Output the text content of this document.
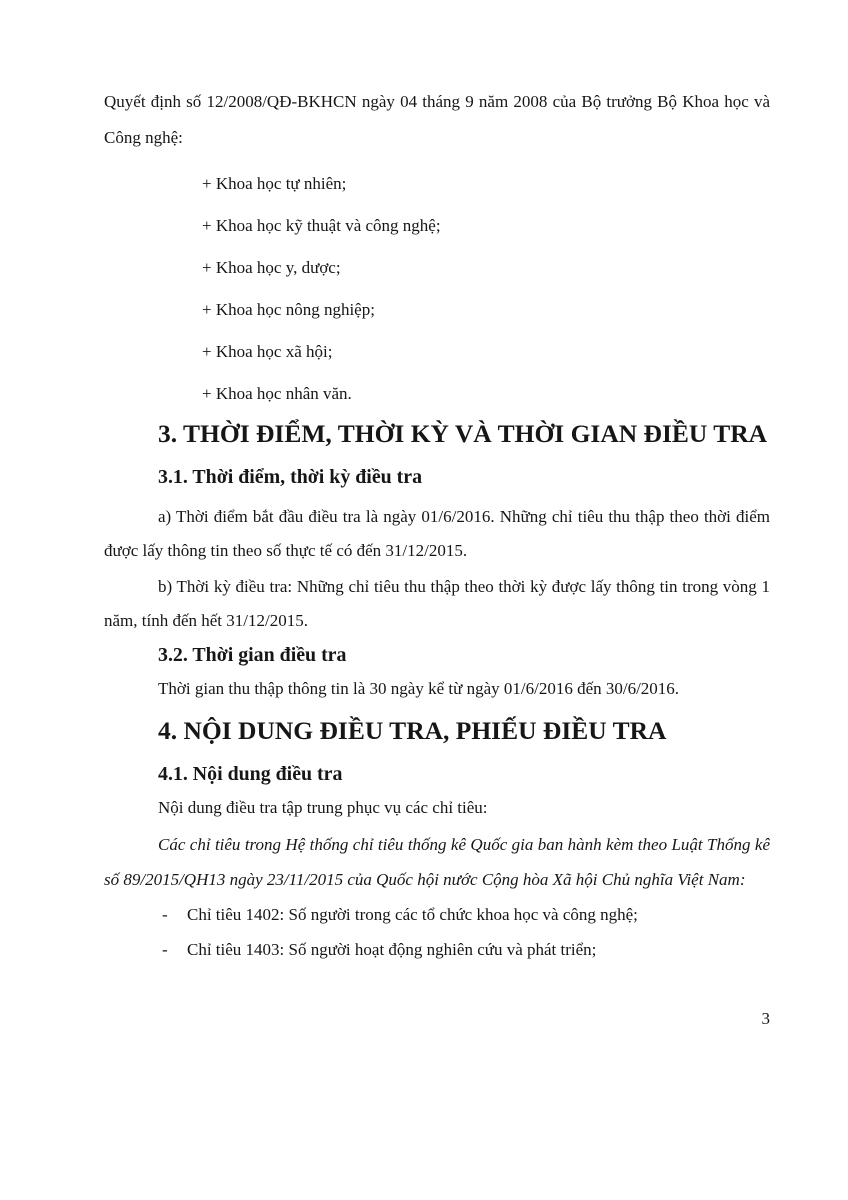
Quyết định số 12/2008/QĐ-BKHCN ngày 04 tháng 9 năm 2008 của Bộ trưởng Bộ Khoa học và Công nghệ:

+ Khoa học tự nhiên;
+ Khoa học kỹ thuật và công nghệ;
+ Khoa học y, dược;
+ Khoa học nông nghiệp;
+ Khoa học xã hội;
+ Khoa học nhân văn.
3. THỜI ĐIỂM, THỜI KỲ VÀ THỜI GIAN ĐIỀU TRA
3.1. Thời điểm, thời kỳ điều tra

a) Thời điểm bắt đầu điều tra là ngày 01/6/2016. Những chỉ tiêu thu thập theo thời điểm được lấy thông tin theo số thực tế có đến 31/12/2015.

b) Thời kỳ điều tra: Những chỉ tiêu thu thập theo thời kỳ được lấy thông tin trong vòng 1 năm, tính đến hết 31/12/2015.

3.2. Thời gian điều tra

Thời gian thu thập thông tin là 30 ngày kể từ ngày 01/6/2016 đến 30/6/2016.

4. NỘI DUNG ĐIỀU TRA, PHIẾU ĐIỀU TRA
4.1. Nội dung điều tra

Nội dung điều tra tập trung phục vụ các chỉ tiêu:

Các chỉ tiêu trong Hệ thống chỉ tiêu thống kê Quốc gia ban hành kèm theo Luật Thống kê số 89/2015/QH13 ngày 23/11/2015 của Quốc hội nước Cộng hòa Xã hội Chủ nghĩa Việt Nam:

- Chỉ tiêu 1402: Số người trong các tổ chức khoa học và công nghệ;
- Chỉ tiêu 1403: Số người hoạt động nghiên cứu và phát triển;
3
